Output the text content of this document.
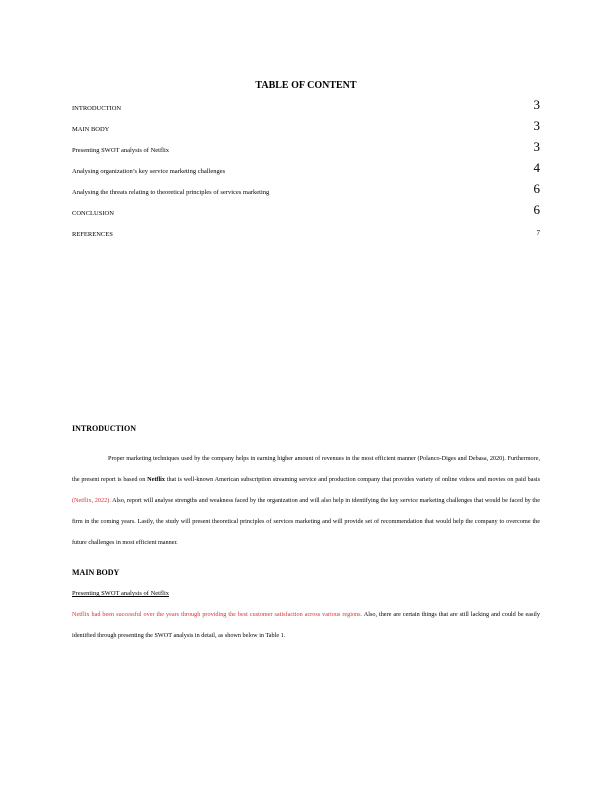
TABLE OF CONTENT
INTRODUCTION	3
MAIN BODY	3
Presenting SWOT analysis of Netflix	3
Analysing organization’s key service marketing challenges	4
Analysing the threats relating to theoretical principles of services marketing	6
CONCLUSION	6
REFERENCES	7
INTRODUCTION
Proper marketing techniques used by the company helps in earning higher amount of revenues in the most efficient manner (Polanco-Diges and Debasa, 2020). Furthermore, the present report is based on Netflix that is well-known American subscription streaming service and production company that provides variety of online videos and movies on paid basis (Netflix, 2022). Also, report will analyse strengths and weakness faced by the organization and will also help in identifying the key service marketing challenges that would be faced by the firm in the coming years. Lastly, the study will present theoretical principles of services marketing and will provide set of recommendation that would help the company to overcome the future challenges in most efficient manner.
MAIN BODY
Presenting SWOT analysis of Netflix
Netflix had been successful over the years through providing the best customer satisfaction across various regions. Also, there are certain things that are still lacking and could be easily identified through presenting the SWOT analysis in detail, as shown below in Table 1.
